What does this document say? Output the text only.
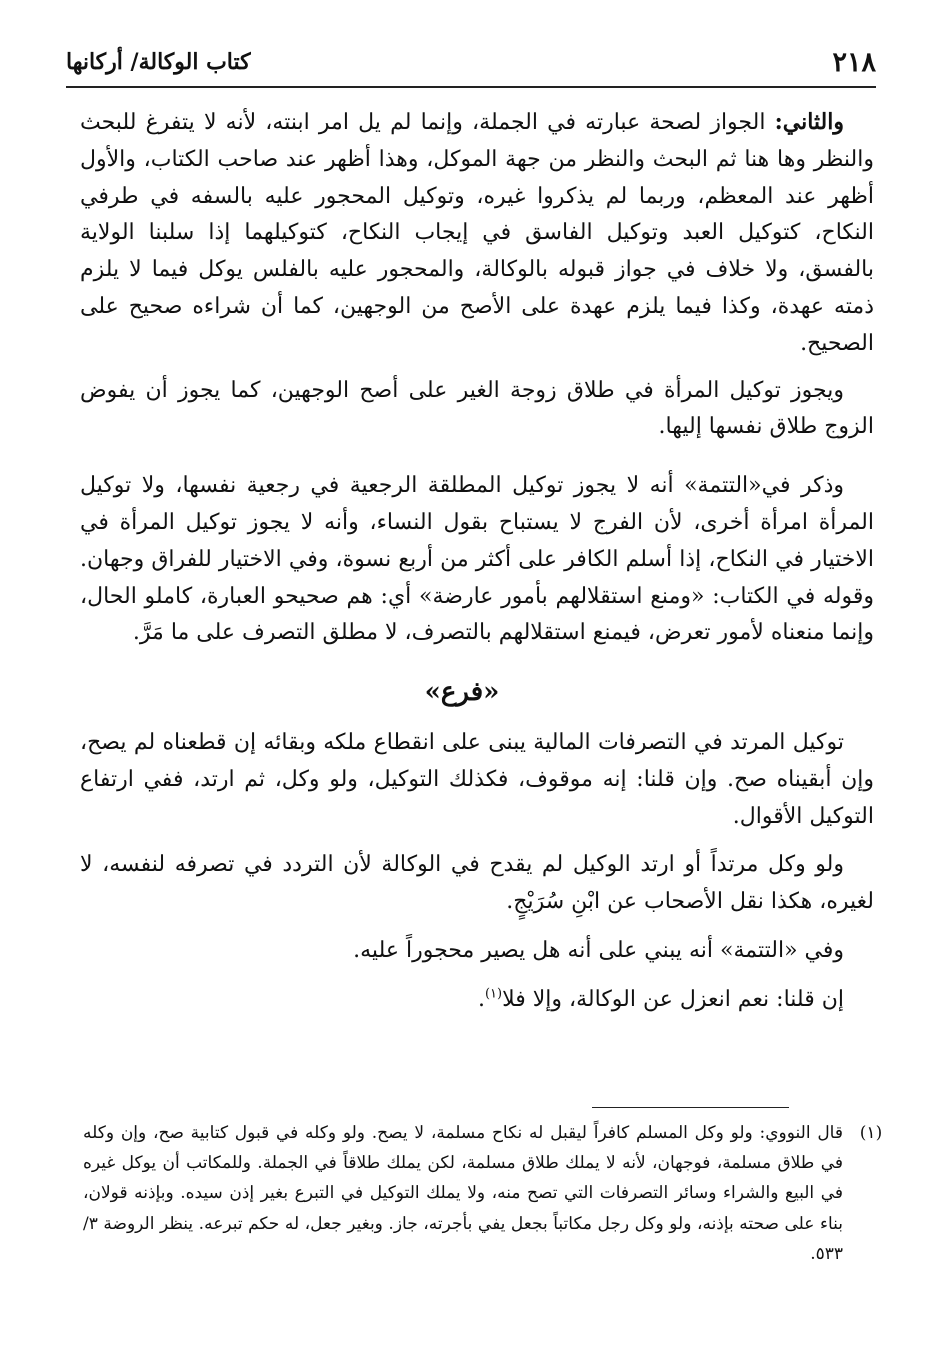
٢١٨
كتاب الوكالة/ أركانها

والثاني: الجواز لصحة عبارته في الجملة، وإنما لم يل امر ابنته، لأنه لا يتفرغ للبحث والنظر وها هنا ثم البحث والنظر من جهة الموكل، وهذا أظهر عند صاحب الكتاب، والأول أظهر عند المعظم، وربما لم يذكروا غيره، وتوكيل المحجور عليه بالسفه في طرفي النكاح، كتوكيل العبد وتوكيل الفاسق في إيجاب النكاح، كتوكيلهما إذا سلبنا الولاية بالفسق، ولا خلاف في جواز قبوله بالوكالة، والمحجور عليه بالفلس يوكل فيما لا يلزم ذمته عهدة، وكذا فيما يلزم عهدة على الأصح من الوجهين، كما أن شراءه صحيح على الصحيح.

ويجوز توكيل المرأة في طلاق زوجة الغير على أصح الوجهين، كما يجوز أن يفوض الزوج طلاق نفسها إليها.

وذكر في«التتمة» أنه لا يجوز توكيل المطلقة الرجعية في رجعية نفسها، ولا توكيل المرأة امرأة أخرى، لأن الفرج لا يستباح بقول النساء، وأنه لا يجوز توكيل المرأة في الاختيار في النكاح، إذا أسلم الكافر على أكثر من أربع نسوة، وفي الاختيار للفراق وجهان. وقوله في الكتاب: «ومنع استقلالهم بأمور عارضة» أي: هم صحيحو العبارة، كاملو الحال، وإنما منعناه لأمور تعرض، فيمنع استقلالهم بالتصرف، لا مطلق التصرف على ما مَرَّ.

«فرع»

توكيل المرتد في التصرفات المالية يبنى على انقطاع ملكه وبقائه إن قطعناه لم يصح، وإن أبقيناه صح. وإن قلنا: إنه موقوف، فكذلك التوكيل، ولو وكل، ثم ارتد، ففي ارتفاع التوكيل الأقوال.

ولو وكل مرتداً أو ارتد الوكيل لم يقدح في الوكالة لأن التردد في تصرفه لنفسه، لا لغيره، هكذا نقل الأصحاب عن ابْنِ سُرَيْجٍ.

وفي «التتمة» أنه يبني على أنه هل يصير محجوراً عليه.

إن قلنا: نعم انعزل عن الوكالة، وإلا فلا$^{(١)}$.

(١)
قال النووي: ولو وكل المسلم كافراً ليقبل له نكاح مسلمة، لا يصح. ولو وكله في قبول كتابية صح، وإن وكله في طلاق مسلمة، فوجهان، لأنه لا يملك طلاق مسلمة، لكن يملك طلاقاً في الجملة. وللمكاتب أن يوكل غيره في البيع والشراء وسائر التصرفات التي تصح منه، ولا يملك التوكيل في التبرع بغير إذن سيده. وبإذنه قولان، بناء على صحته بإذنه، ولو وكل رجل مكاتباً بجعل يفي بأجرته، جاز. وبغير جعل، له حكم تبرعه. ينظر الروضة ٣/ ٥٣٣.
